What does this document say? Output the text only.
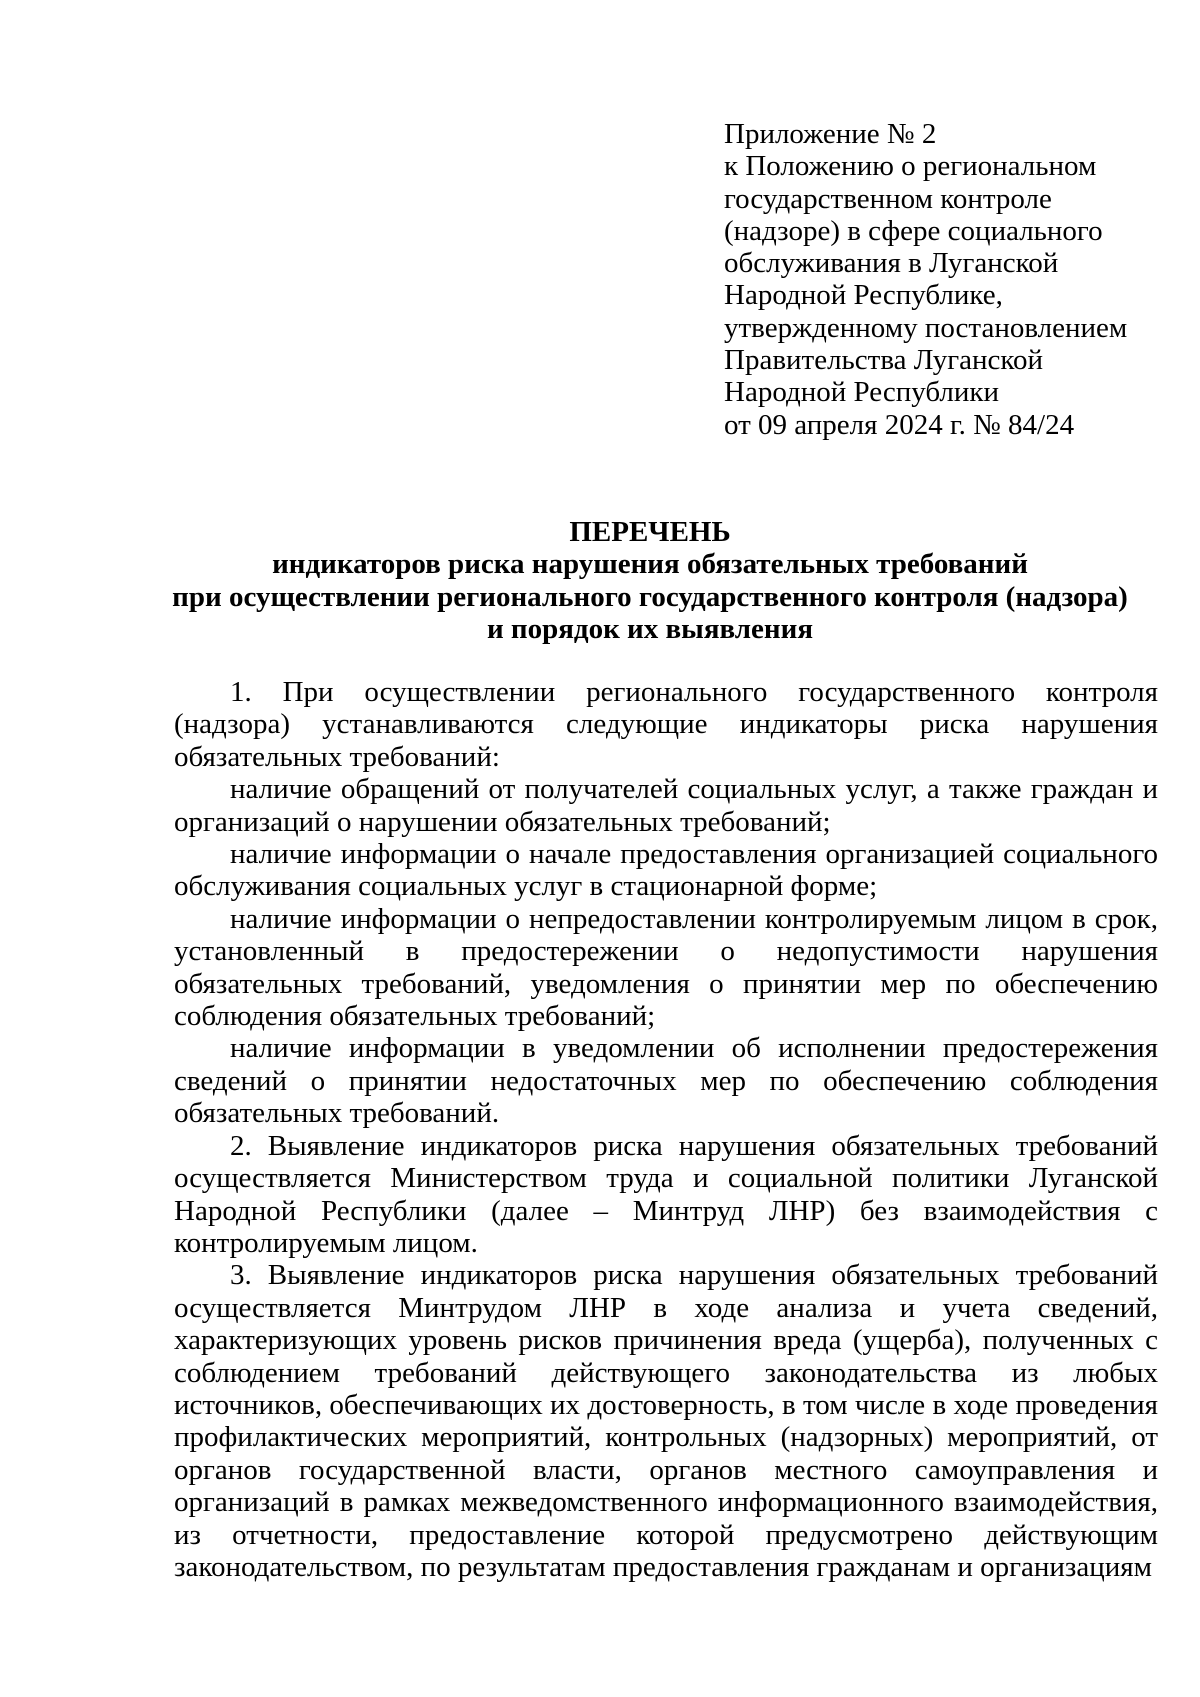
Приложение № 2
к Положению о региональном
государственном контроле
(надзоре) в сфере социального
обслуживания в Луганской
Народной Республике,
утвержденному постановлением
Правительства Луганской
Народной Республики
от 09 апреля 2024 г. № 84/24
ПЕРЕЧЕНЬ
индикаторов риска нарушения обязательных требований
при осуществлении регионального государственного контроля (надзора)
и порядок их выявления

1. При осуществлении регионального государственного контроля (надзора) устанавливаются следующие индикаторы риска нарушения обязательных требований:

наличие обращений от получателей социальных услуг, а также граждан и организаций о нарушении обязательных требований;

наличие информации о начале предоставления организацией социального обслуживания социальных услуг в стационарной форме;

наличие информации о непредоставлении контролируемым лицом в срок, установленный в предостережении о недопустимости нарушения обязательных требований, уведомления о принятии мер по обеспечению соблюдения обязательных требований;

наличие информации в уведомлении об исполнении предостережения сведений о принятии недостаточных мер по обеспечению соблюдения обязательных требований.

2. Выявление индикаторов риска нарушения обязательных требований осуществляется Министерством труда и социальной политики Луганской Народной Республики (далее – Минтруд ЛНР) без взаимодействия с контролируемым лицом.

3. Выявление индикаторов риска нарушения обязательных требований осуществляется Минтрудом ЛНР в ходе анализа и учета сведений, характеризующих уровень рисков причинения вреда (ущерба), полученных с соблюдением требований действующего законодательства из любых источников, обеспечивающих их достоверность, в том числе в ходе проведения профилактических мероприятий, контрольных (надзорных) мероприятий, от органов государственной власти, органов местного самоуправления и организаций в рамках межведомственного информационного взаимодействия, из отчетности, предоставление которой предусмотрено действующим законодательством, по результатам предоставления гражданам и организациям
